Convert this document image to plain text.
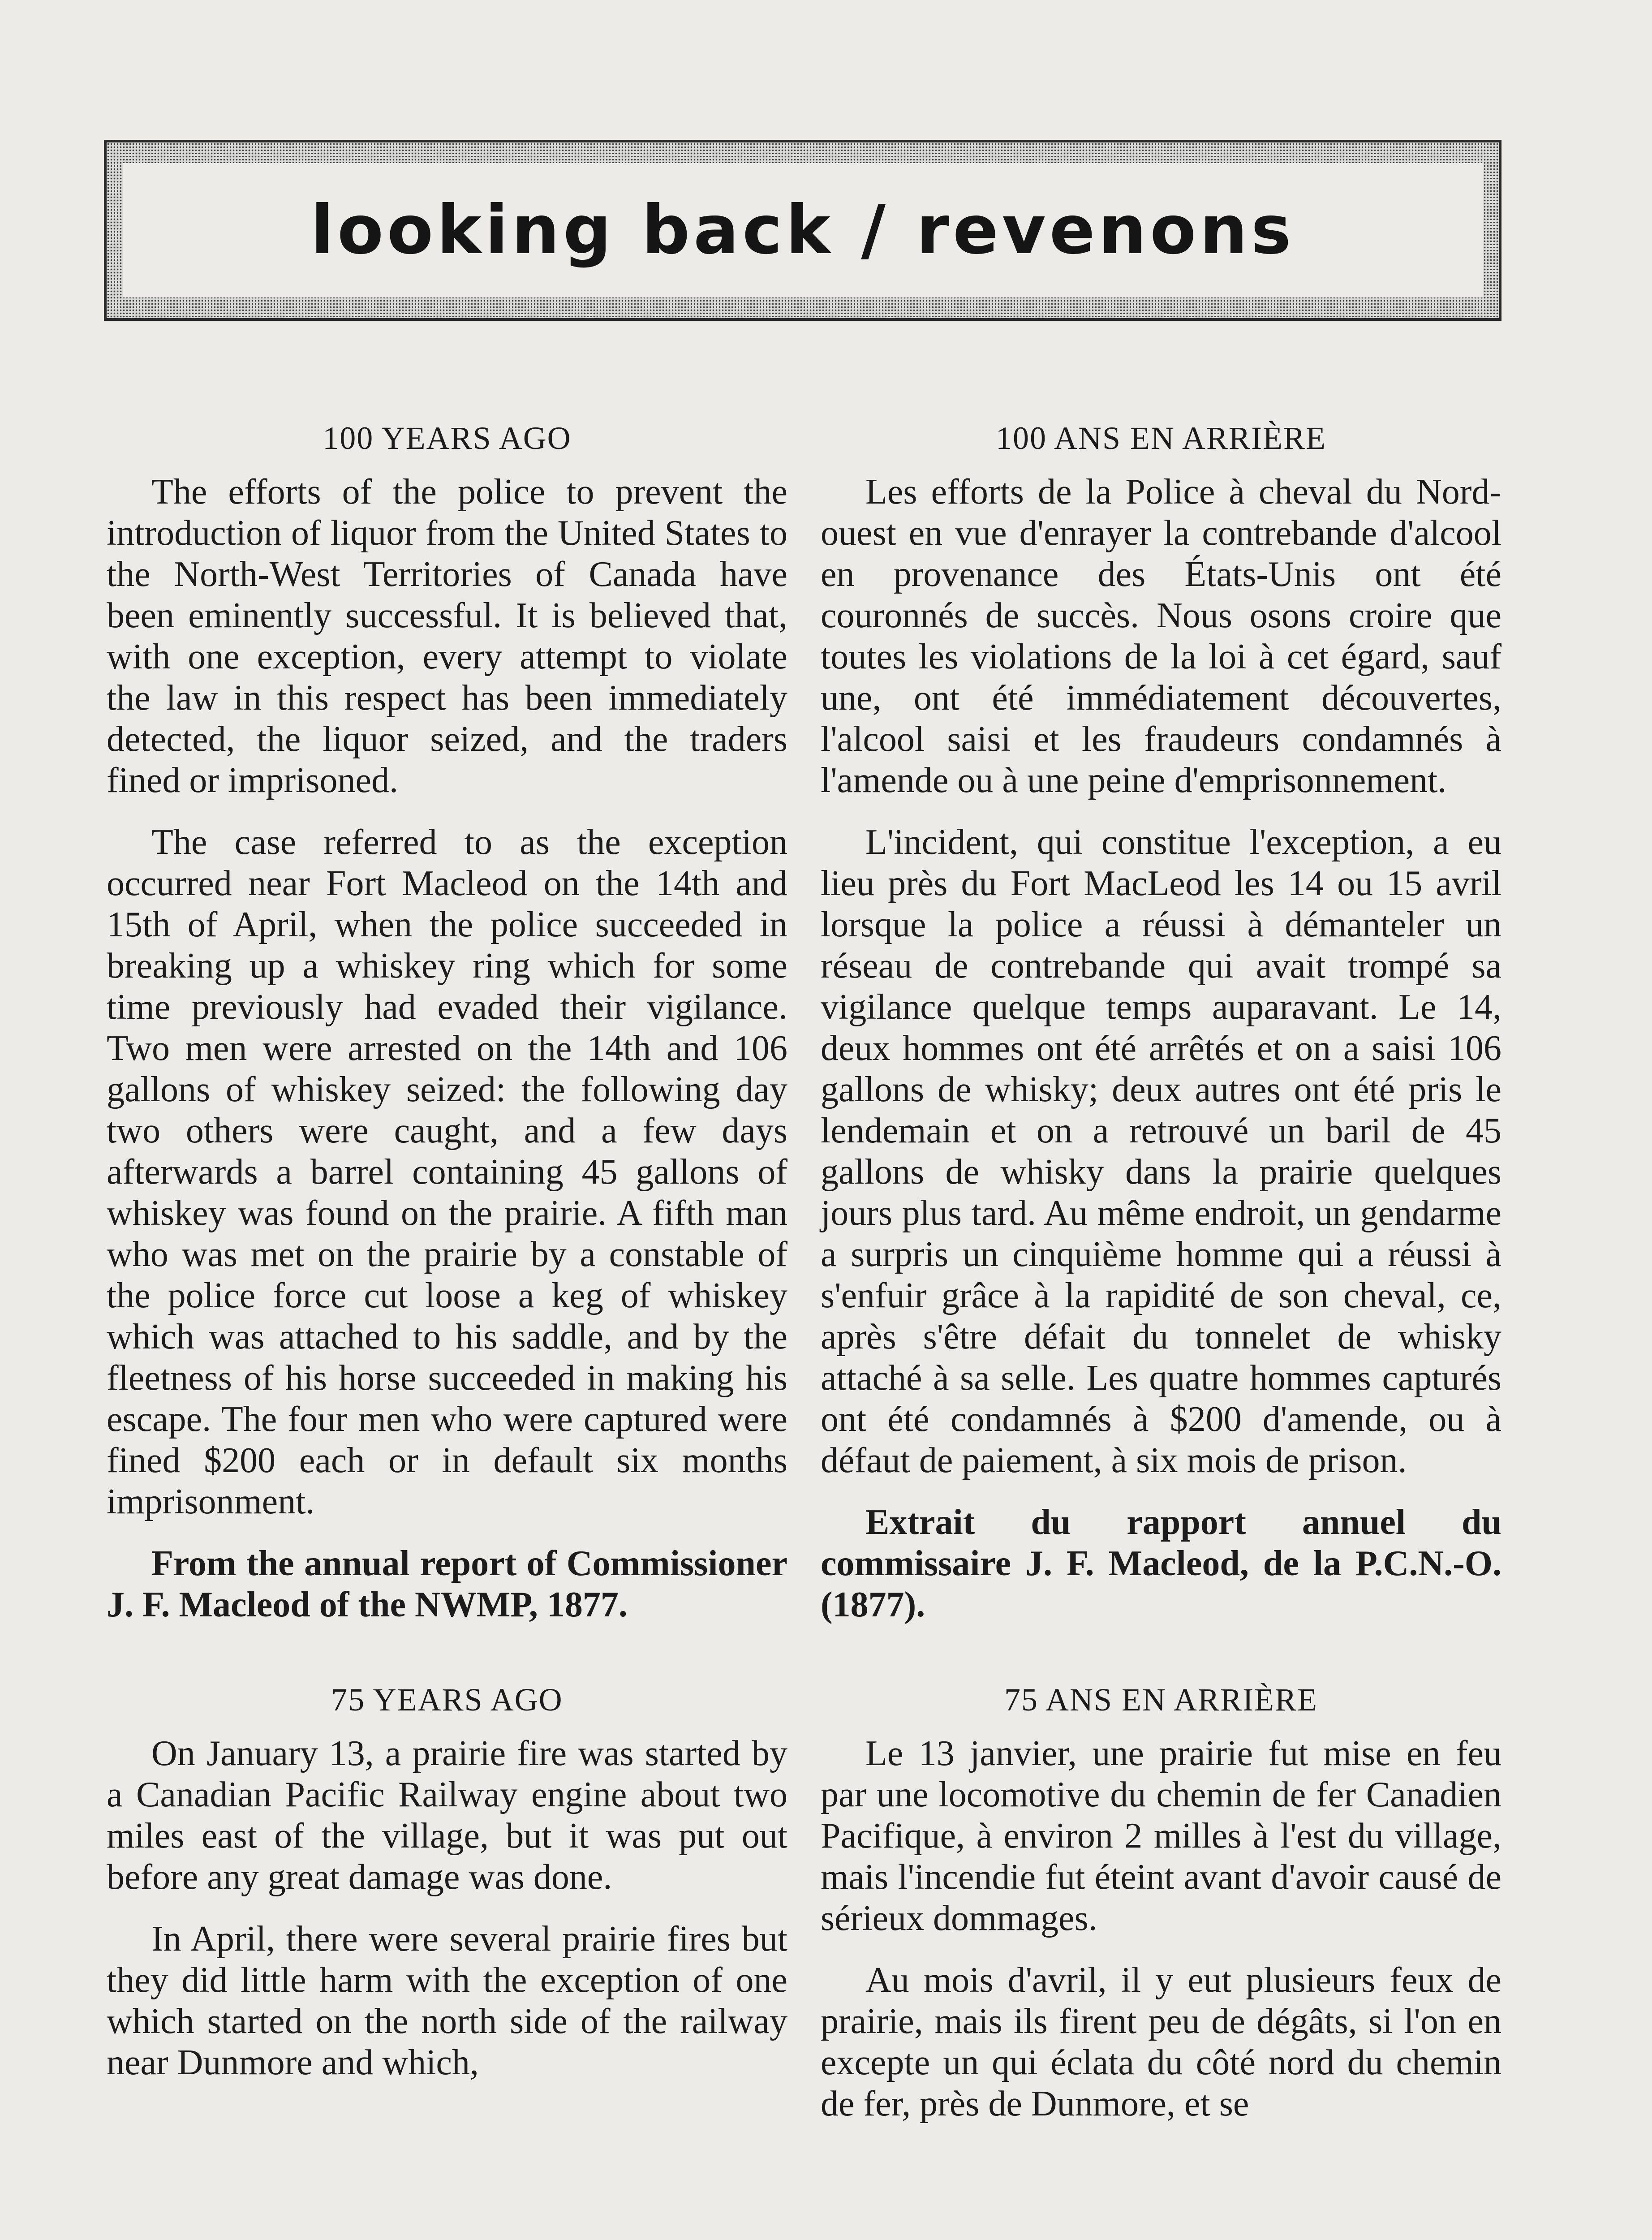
looking back / revenons
100 YEARS AGO

The efforts of the police to prevent the introduction of liquor from the United States to the North-West Territories of Canada have been eminently successful. It is believed that, with one exception, every attempt to violate the law in this respect has been immediately detected, the liquor seized, and the traders fined or imprisoned.

The case referred to as the exception occurred near Fort Macleod on the 14th and 15th of April, when the police succeeded in breaking up a whiskey ring which for some time previously had evaded their vigilance. Two men were arrested on the 14th and 106 gallons of whiskey seized: the following day two others were caught, and a few days afterwards a barrel containing 45 gallons of whiskey was found on the prairie. A fifth man who was met on the prairie by a constable of the police force cut loose a keg of whiskey which was attached to his saddle, and by the fleetness of his horse succeeded in making his escape. The four men who were captured were fined $200 each or in default six months imprisonment.

From the annual report of Commissioner J. F. Macleod of the NWMP, 1877.

75 YEARS AGO

On January 13, a prairie fire was started by a Canadian Pacific Railway engine about two miles east of the village, but it was put out before any great damage was done.

In April, there were several prairie fires but they did little harm with the exception of one which started on the north side of the railway near Dunmore and which,

100 ANS EN ARRIÈRE

Les efforts de la Police à cheval du Nord-ouest en vue d'enrayer la contrebande d'alcool en provenance des États-Unis ont été couronnés de succès. Nous osons croire que toutes les violations de la loi à cet égard, sauf une, ont été immédiatement découvertes, l'alcool saisi et les fraudeurs condamnés à l'amende ou à une peine d'emprisonnement.

L'incident, qui constitue l'exception, a eu lieu près du Fort MacLeod les 14 ou 15 avril lorsque la police a réussi à démanteler un réseau de contrebande qui avait trompé sa vigilance quelque temps auparavant. Le 14, deux hommes ont été arrêtés et on a saisi 106 gallons de whisky; deux autres ont été pris le lendemain et on a retrouvé un baril de 45 gallons de whisky dans la prairie quelques jours plus tard. Au même endroit, un gendarme a surpris un cinquième homme qui a réussi à s'enfuir grâce à la rapidité de son cheval, ce, après s'être défait du tonnelet de whisky attaché à sa selle. Les quatre hommes capturés ont été condamnés à $200 d'amende, ou à défaut de paiement, à six mois de prison.

Extrait du rapport annuel du commissaire J. F. Macleod, de la P.C.N.-O. (1877).

75 ANS EN ARRIÈRE

Le 13 janvier, une prairie fut mise en feu par une locomotive du chemin de fer Canadien Pacifique, à environ 2 milles à l'est du village, mais l'incendie fut éteint avant d'avoir causé de sérieux dommages.

Au mois d'avril, il y eut plusieurs feux de prairie, mais ils firent peu de dégâts, si l'on en excepte un qui éclata du côté nord du chemin de fer, près de Dunmore, et se
